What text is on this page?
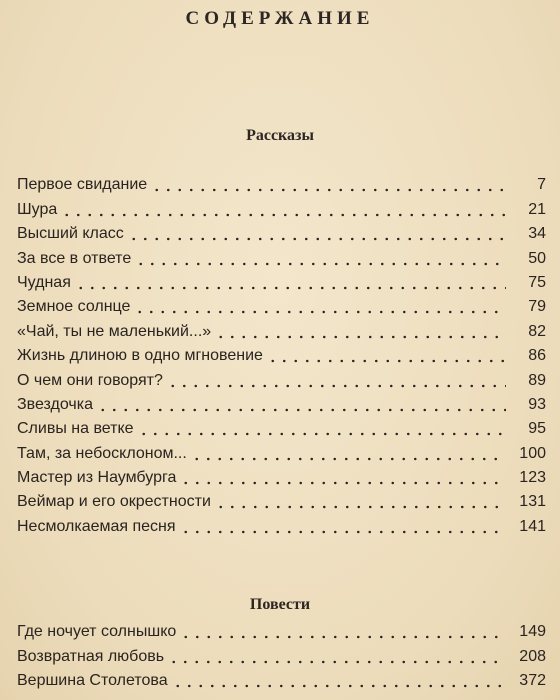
СОДЕРЖАНИЕ
Рассказы
Первое свидание	7
Шура	21
Высший класс	34
За все в ответе	50
Чудная	75
Земное солнце	79
«Чай, ты не маленький...»	82
Жизнь длиною в одно мгновение	86
О чем они говорят?	89
Звездочка	93
Сливы на ветке	95
Там, за небосклоном...	100
Мастер из Наумбурга	123
Веймар и его окрестности	131
Несмолкаемая песня	141
Повести
Где ночует солнышко	149
Возвратная любовь	208
Вершина Столетова	372
